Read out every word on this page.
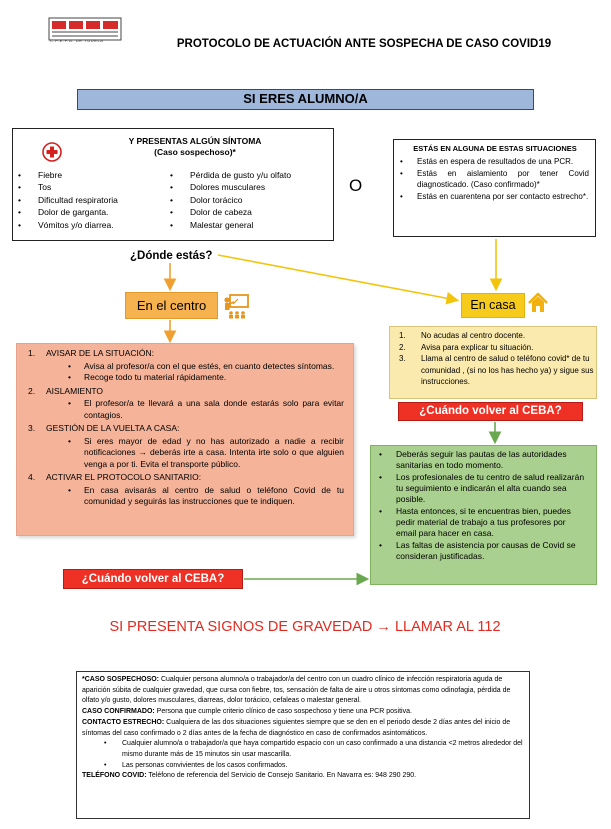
C.P.E.P.A. DE TUDELA	PROTOCOLO DE ACTUACIÓN ANTE SOSPECHA DE CASO COVID19
SI ERES ALUMNO/A
Y PRESENTAS ALGÚN SÍNTOMA
(Caso sospechoso)*
• Fiebre
• Tos
• Dificultad respiratoria
• Dolor de garganta.
• Vómitos y/o diarrea.
• Pérdida de gusto y/u olfato
• Dolores musculares
• Dolor torácico
• Dolor de cabeza
• Malestar general
O
ESTÁS EN ALGUNA DE ESTAS SITUACIONES
• Estás en espera de resultados de una PCR.
• Estás en aislamiento por tener Covid diagnosticado. (Caso confirmado)*
• Estás en cuarentena por ser contacto estrecho*.
¿Dónde estás?
En el centro	En casa
1. No acudas al centro docente.
2. Avisa para explicar tu situación.
3. Llama al centro de salud o teléfono covid* de tu comunidad , (si no los has hecho ya) y sigue sus instrucciones.
¿Cuándo volver al CEBA?
1. AVISAR DE LA SITUACIÓN:
• Avisa al profesor/a con el que estés, en cuanto detectes síntomas.
• Recoge todo tu material rápidamente.
2. AISLAMIENTO
• El profesor/a te llevará a una sala donde estarás solo para evitar contagios.
3. GESTIÓN DE LA VUELTA A CASA:
• Si eres mayor de edad y no has autorizado a nadie a recibir notificaciones → deberás irte a casa. Intenta irte solo o que alguien venga a por ti. Evita el transporte público.
4. ACTIVAR EL PROTOCOLO SANITARIO:
• En casa avisarás al centro de salud o teléfono Covid de tu comunidad y seguirás las instrucciones que te indiquen.
• Deberás seguir las pautas de las autoridades sanitarias en todo momento.
• Los profesionales de tu centro de salud realizarán tu seguimiento e indicarán el alta cuando sea posible.
• Hasta entonces, si te encuentras bien, puedes pedir material de trabajo a tus profesores por email para hacer en casa.
• Las faltas de asistencia por causas de Covid se consideran justificadas.
¿Cuándo volver al CEBA?
SI PRESENTA SIGNOS DE GRAVEDAD → LLAMAR AL 112
*CASO SOSPECHOSO: Cualquier persona alumno/a o trabajador/a del centro con un cuadro clínico de infección respiratoria aguda de aparición súbita de cualquier gravedad, que cursa con fiebre, tos, sensación de falta de aire u otros síntomas como odinofagia, pérdida de olfato y/o gusto, dolores musculares, diarreas, dolor torácico, cefaleas o malestar general.
CASO CONFIRMADO: Persona que cumple criterio clínico de caso sospechoso y tiene una PCR positiva.
CONTACTO ESTRECHO: Cualquiera de las dos situaciones siguientes siempre que se den en el periodo desde 2 días antes del inicio de síntomas del caso confirmado o 2 días antes de la fecha de diagnóstico en caso de confirmados asintomáticos.
• Cualquier alumno/a o trabajador/a que haya compartido espacio con un caso confirmado a una distancia <2 metros alrededor del mismo durante más de 15 minutos sin usar mascarilla.
• Las personas convivientes de los casos confirmados.
TELÉFONO COVID: Teléfono de referencia del Servicio de Consejo Sanitario. En Navarra es: 948 290 290.
